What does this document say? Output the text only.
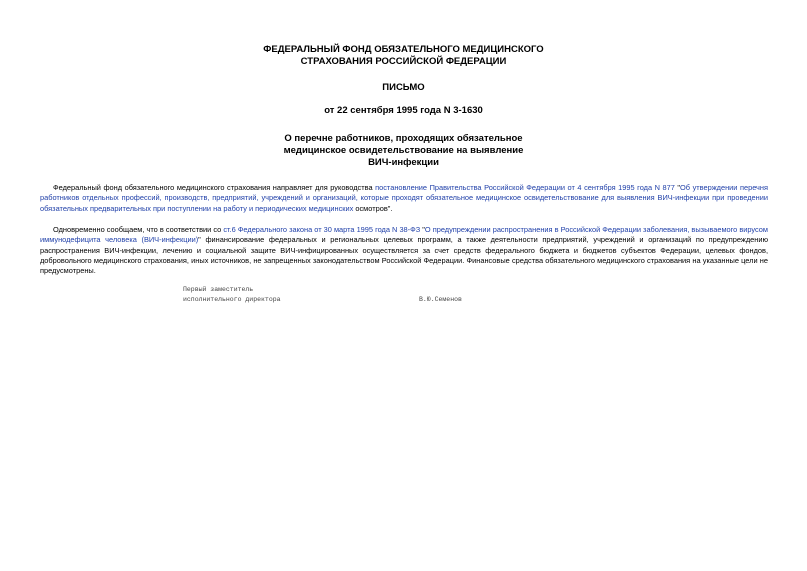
ФЕДЕРАЛЬНЫЙ ФОНД ОБЯЗАТЕЛЬНОГО МЕДИЦИНСКОГО
СТРАХОВАНИЯ РОССИЙСКОЙ ФЕДЕРАЦИИ
ПИСЬМО
от 22 сентября 1995 года N 3-1630
О перечне работников, проходящих обязательное
медицинское освидетельствование на выявление
ВИЧ-инфекции
Федеральный фонд обязательного медицинского страхования направляет для руководства постановление Правительства Российской Федерации от 4 сентября 1995 года N 877 "Об утверждении перечня работников отдельных профессий, производств, предприятий, учреждений и организаций, которые проходят обязательное медицинское освидетельствование для выявления ВИЧ-инфекции при проведении обязательных предварительных при поступлении на работу и периодических медицинских осмотров".
Одновременно сообщаем, что в соответствии со ст.6 Федерального закона от 30 марта 1995 года N 38-ФЗ "О предупреждении распространения в Российской Федерации заболевания, вызываемого вирусом иммунодефицита человека (ВИЧ-инфекции)" финансирование федеральных и региональных целевых программ, а также деятельности предприятий, учреждений и организаций по предупреждению распространения ВИЧ-инфекции, лечению и социальной защите ВИЧ-инфицированных осуществляется за счет средств федерального бюджета и бюджетов субъектов Федерации, целевых фондов, добровольного медицинского страхования, иных источников, не запрещенных законодательством Российской Федерации. Финансовые средства обязательного медицинского страхования на указанные цели не предусмотрены.
Первый заместитель
исполнительного директора	В.Ю.Семенов
